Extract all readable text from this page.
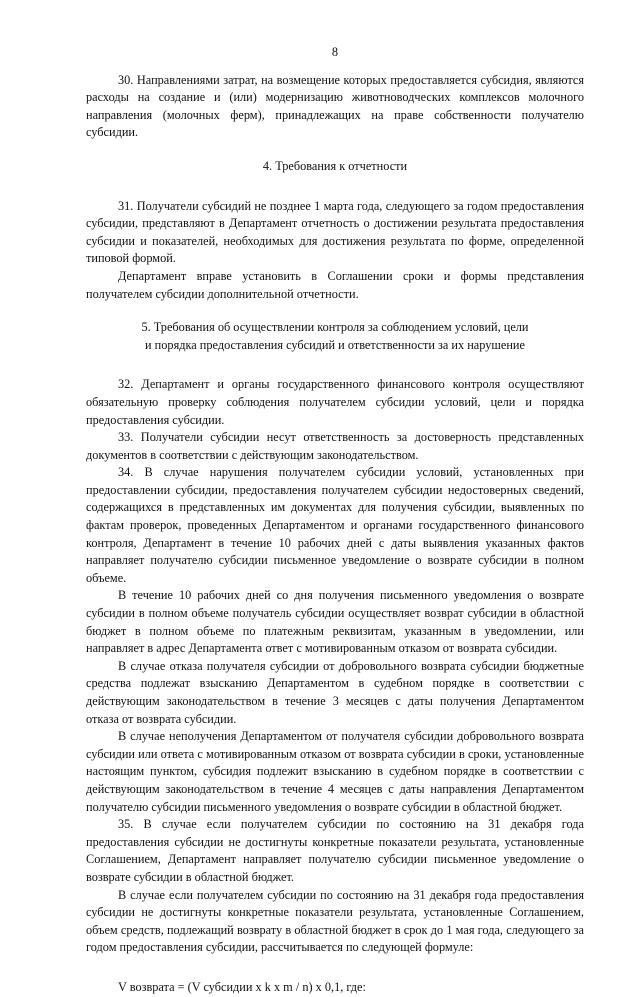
8

30. Направлениями затрат, на возмещение которых предоставляется субсидия, являются расходы на создание и (или) модернизацию животноводческих комплексов молочного направления (молочных ферм), принадлежащих на праве собственности получателю субсидии.

4. Требования к отчетности

31. Получатели субсидий не позднее 1 марта года, следующего за годом предоставления субсидии, представляют в Департамент отчетность о достижении результата предоставления субсидии и показателей, необходимых для достижения результата по форме, определенной типовой формой.

Департамент вправе установить в Соглашении сроки и формы представления получателем субсидии дополнительной отчетности.

5. Требования об осуществлении контроля за соблюдением условий, цели

и порядка предоставления субсидий и ответственности за их нарушение

32. Департамент и органы государственного финансового контроля осуществляют обязательную проверку соблюдения получателем субсидии условий, цели и порядка предоставления субсидии.

33. Получатели субсидии несут ответственность за достоверность представленных документов в соответствии с действующим законодательством.

34. В случае нарушения получателем субсидии условий, установленных при предоставлении субсидии, предоставления получателем субсидии недостоверных сведений, содержащихся в представленных им документах для получения субсидии, выявленных по фактам проверок, проведенных Департаментом и органами государственного финансового контроля, Департамент в течение 10 рабочих дней с даты выявления указанных фактов направляет получателю субсидии письменное уведомление о возврате субсидии в полном объеме.

В течение 10 рабочих дней со дня получения письменного уведомления о возврате субсидии в полном объеме получатель субсидии осуществляет возврат субсидии в областной бюджет в полном объеме по платежным реквизитам, указанным в уведомлении, или направляет в адрес Департамента ответ с мотивированным отказом от возврата субсидии.

В случае отказа получателя субсидии от добровольного возврата субсидии бюджетные средства подлежат взысканию Департаментом в судебном порядке в соответствии с действующим законодательством в течение 3 месяцев с даты получения Департаментом отказа от возврата субсидии.

В случае неполучения Департаментом от получателя субсидии добровольного возврата субсидии или ответа с мотивированным отказом от возврата субсидии в сроки, установленные настоящим пунктом, субсидия подлежит взысканию в судебном порядке в соответствии с действующим законодательством в течение 4 месяцев с даты направления Департаментом получателю субсидии письменного уведомления о возврате субсидии в областной бюджет.

35. В случае если получателем субсидии по состоянию на 31 декабря года предоставления субсидии не достигнуты конкретные показатели результата, установленные Соглашением, Департамент направляет получателю субсидии письменное уведомление о возврате субсидии в областной бюджет.

В случае если получателем субсидии по состоянию на 31 декабря года предоставления субсидии не достигнуты конкретные показатели результата, установленные Соглашением, объем средств, подлежащий возврату в областной бюджет в срок до 1 мая года, следующего за годом предоставления субсидии, рассчитывается по следующей формуле:

V возврата = (V субсидии x k x m / n) x 0,1, где:
